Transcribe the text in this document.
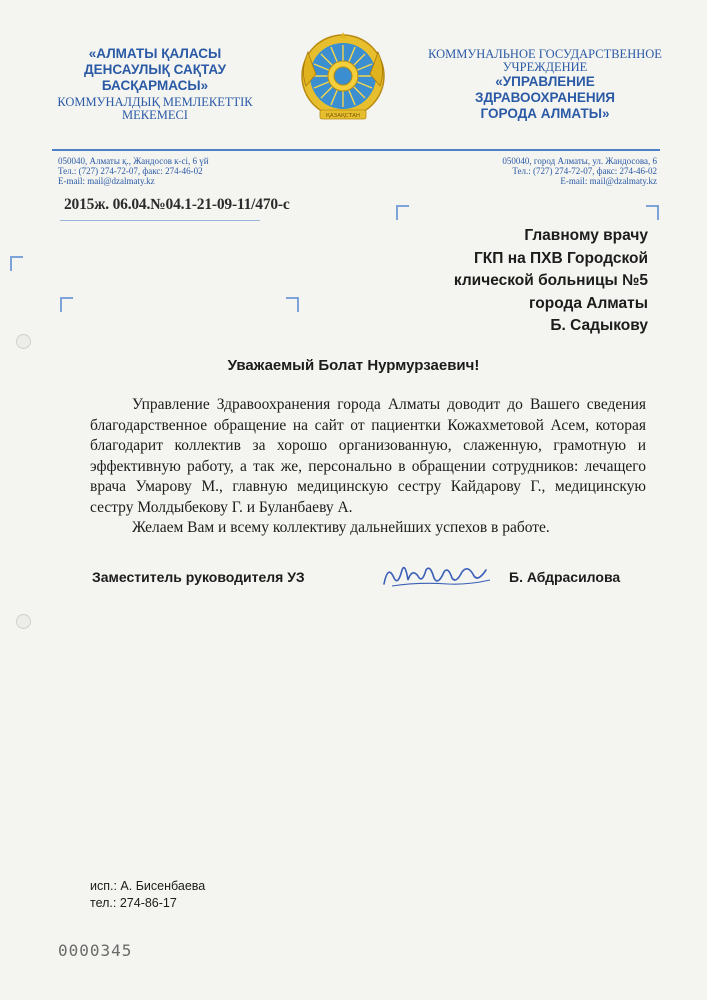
«АЛМАТЫ ҚАЛАСЫ
ДЕНСАУЛЫҚ САҚТАУ
БАСҚАРМАСЫ»
КОММУНАЛДЫҚ МЕМЛЕКЕТТІК
МЕКЕМЕСІ	ҚАЗАҚСТАН
КОММУНАЛЬНОЕ ГОСУДАРСТВЕННОЕ
УЧРЕЖДЕНИЕ
«УПРАВЛЕНИЕ
ЗДРАВООХРАНЕНИЯ
ГОРОДА АЛМАТЫ»
050040, Алматы қ., Жандосов к-сі, 6 үй
Тел.: (727) 274-72-07, факс: 274-46-02
E-mail: mail@dzalmaty.kz
050040, город Алматы, ул. Жандосова, 6
Тел.: (727) 274-72-07, факс: 274-46-02
E-mail: mail@dzalmaty.kz
2015ж. 06.04.№04.1-21-09-11/470-с
Главному врачу
ГКП на ПХВ Городской
клической больницы №5
города Алматы
Б. Садыкову
Уважаемый Болат Нурмурзаевич!

Управление Здравоохранения города Алматы доводит до Вашего сведения благодарственное обращение на сайт от пациентки Кожахметовой Асем, которая благодарит коллектив за хорошо организованную, слаженную, грамотную и эффективную работу, а так же, персонально в обращении сотрудников: лечащего врача Умарову М., главную медицинскую сестру Кайдарову Г., медицинскую сестру Молдыбекову Г. и Буланбаеву А.

Желаем Вам и всему коллективу дальнейших успехов в работе.

Заместитель руководителя УЗ	Б. Абдрасилова
исп.: А. Бисенбаева
тел.: 274-86-17
0000345
